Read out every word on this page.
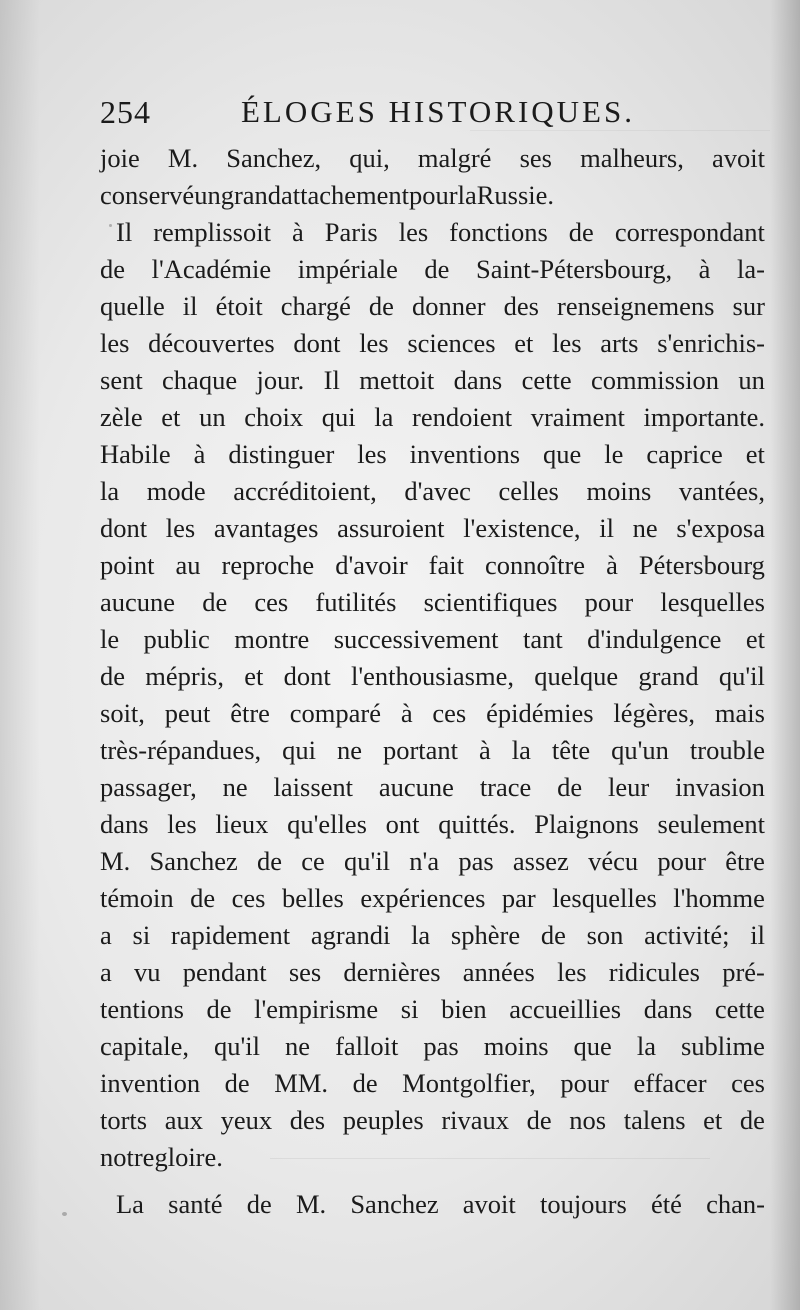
254	ÉLOGES HISTORIQUES.
joie M. Sanchez, qui, malgré ses malheurs, avoit
conservé un grand attachement pour la Russie.
Il remplissoit à Paris les fonctions de correspondant
de l'Académie impériale de Saint-Pétersbourg, à la-
quelle il étoit chargé de donner des renseignemens sur
les découvertes dont les sciences et les arts s'enrichis-
sent chaque jour. Il mettoit dans cette commission un
zèle et un choix qui la rendoient vraiment importante.
Habile à distinguer les inventions que le caprice et
la mode accréditoient, d'avec celles moins vantées,
dont les avantages assuroient l'existence, il ne s'exposa
point au reproche d'avoir fait connoître à Pétersbourg
aucune de ces futilités scientifiques pour lesquelles
le public montre successivement tant d'indulgence et
de mépris, et dont l'enthousiasme, quelque grand qu'il
soit, peut être comparé à ces épidémies légères, mais
très-répandues, qui ne portant à la tête qu'un trouble
passager, ne laissent aucune trace de leur invasion
dans les lieux qu'elles ont quittés. Plaignons seulement
M. Sanchez de ce qu'il n'a pas assez vécu pour être
témoin de ces belles expériences par lesquelles l'homme
a si rapidement agrandi la sphère de son activité; il
a vu pendant ses dernières années les ridicules pré-
tentions de l'empirisme si bien accueillies dans cette
capitale, qu'il ne falloit pas moins que la sublime
invention de MM. de Montgolfier, pour effacer ces
torts aux yeux des peuples rivaux de nos talens et de
notre gloire.
La santé de M. Sanchez avoit toujours été chan-
